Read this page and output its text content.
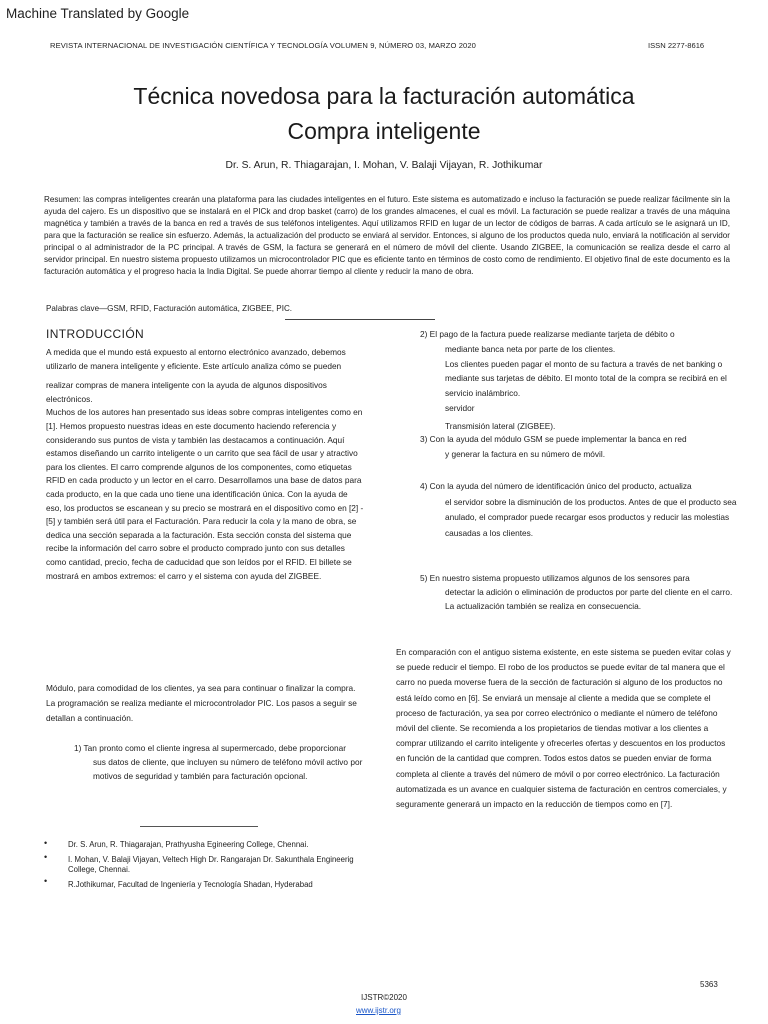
Machine Translated by Google
REVISTA INTERNACIONAL DE INVESTIGACIÓN CIENTÍFICA Y TECNOLOGÍA VOLUMEN 9, NÚMERO 03, MARZO 2020	ISSN 2277-8616
Técnica novedosa para la facturación automática
Compra inteligente
Dr. S. Arun, R. Thiagarajan, I. Mohan, V. Balaji Vijayan, R. Jothikumar
Resumen: las compras inteligentes crearán una plataforma para las ciudades inteligentes en el futuro. Este sistema es automatizado e incluso la facturación se puede realizar fácilmente sin la ayuda del cajero. Es un dispositivo que se instalará en el PICk and drop basket (carro) de los grandes almacenes, el cual es móvil. La facturación se puede realizar a través de una máquina magnética y también a través de la banca en red a través de sus teléfonos inteligentes. Aquí utilizamos RFID en lugar de un lector de códigos de barras. A cada artículo se le asignará un ID, para que la facturación se realice sin esfuerzo. Además, la actualización del producto se enviará al servidor. Entonces, si alguno de los productos queda nulo, enviará la notificación al servidor principal o al administrador de la PC principal. A través de GSM, la factura se generará en el número de móvil del cliente. Usando ZIGBEE, la comunicación se realiza desde el carro al servidor principal. En nuestro sistema propuesto utilizamos un microcontrolador PIC que es eficiente tanto en términos de costo como de rendimiento. El objetivo final de este documento es la facturación automática y el progreso hacia la India Digital. Se puede ahorrar tiempo al cliente y reducir la mano de obra.
Palabras clave—GSM, RFID, Facturación automática, ZIGBEE, PIC.
INTRODUCCIÓN

A medida que el mundo está expuesto al entorno electrónico avanzado, debemos utilizarlo de manera inteligente y eficiente. Este artículo analiza cómo se pueden

realizar compras de manera inteligente con la ayuda de algunos dispositivos electrónicos.

Muchos de los autores han presentado sus ideas sobre compras inteligentes como en [1]. Hemos propuesto nuestras ideas en este documento haciendo referencia y considerando sus puntos de vista y también las destacamos a continuación. Aquí estamos diseñando un carrito inteligente o un carrito que sea fácil de usar y atractivo para los clientes. El carro comprende algunos de los componentes, como etiquetas RFID en cada producto y un lector en el carro. Desarrollamos una base de datos para cada producto, en la que cada uno tiene una identificación única. Con la ayuda de eso, los productos se escanean y su precio se mostrará en el dispositivo como en [2] - [5] y también será útil para el Facturación. Para reducir la cola y la mano de obra, se dedica una sección separada a la facturación. Esta sección consta del sistema que recibe la información del carro sobre el producto comprado junto con sus detalles como cantidad, precio, fecha de caducidad que son leídos por el RFID. El billete se mostrará en ambos extremos: el carro y el sistema con ayuda del ZIGBEE.

Módulo, para comodidad de los clientes, ya sea para continuar o finalizar la compra. La programación se realiza mediante el microcontrolador PIC. Los pasos a seguir se detallan a continuación.
1) Tan pronto como el cliente ingresa al supermercado, debe proporcionar
sus datos de cliente, que incluyen su número de teléfono móvil activo por motivos de seguridad y también para facturación opcional.
•	Dr. S. Arun, R. Thiagarajan, Prathyusha Egineering College, Chennai.
•	I. Mohan, V. Balaji Vijayan, Veltech High Dr. Rangarajan Dr. Sakunthala Engineerig College, Chennai.
•	R.Jothikumar, Facultad de Ingeniería y Tecnología Shadan, Hyderabad
2) El pago de la factura puede realizarse mediante tarjeta de débito o
mediante banca neta por parte de los clientes.
Los clientes pueden pagar el monto de su factura a través de net banking o mediante sus tarjetas de débito. El monto total de la compra se recibirá en el servicio inalámbrico.
servidor
Transmisión lateral (ZIGBEE).
3) Con la ayuda del módulo GSM se puede implementar la banca en red
y generar la factura en su número de móvil.
4) Con la ayuda del número de identificación único del producto, actualiza
el servidor sobre la disminución de los productos. Antes de que el producto sea anulado, el comprador puede recargar esos productos y reducir las molestias causadas a los clientes.
5) En nuestro sistema propuesto utilizamos algunos de los sensores para
detectar la adición o eliminación de productos por parte del cliente en el carro. La actualización también se realiza en consecuencia.
En comparación con el antiguo sistema existente, en este sistema se pueden evitar colas y se puede reducir el tiempo. El robo de los productos se puede evitar de tal manera que el carro no pueda moverse fuera de la sección de facturación si alguno de los productos no está leído como en [6]. Se enviará un mensaje al cliente a medida que se complete el proceso de facturación, ya sea por correo electrónico o mediante el número de teléfono móvil del cliente. Se recomienda a los propietarios de tiendas motivar a los clientes a comprar utilizando el carrito inteligente y ofrecerles ofertas y descuentos en los productos en función de la cantidad que compren. Todos estos datos se pueden enviar de forma completa al cliente a través del número de móvil o por correo electrónico. La facturación automatizada es un avance en cualquier sistema de facturación en centros comerciales, y seguramente generará un impacto en la reducción de tiempos como en [7].
5363
IJSTR©2020
www.ijstr.org
